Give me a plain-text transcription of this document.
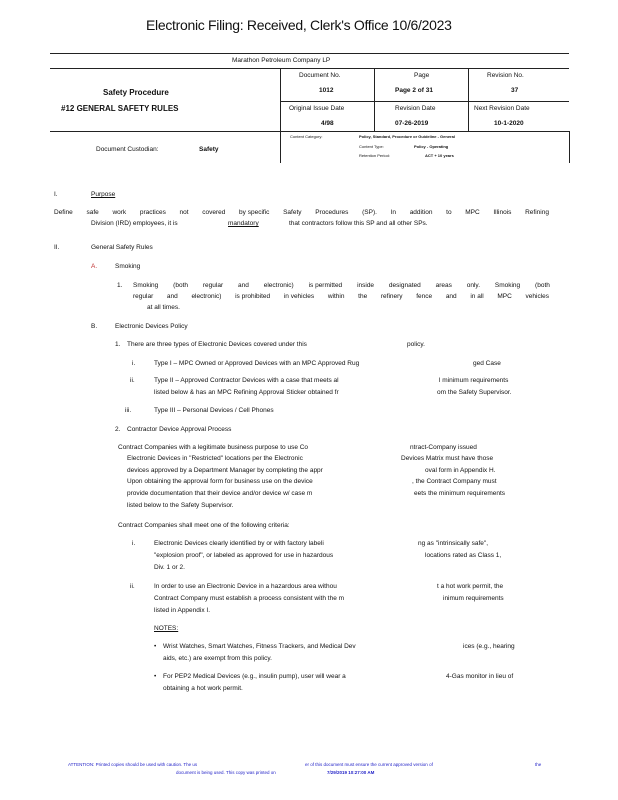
Electronic Filing: Received, Clerk's Office 10/6/2023
Marathon Petroleum Company LP
Safety Procedure
#12 GENERAL SAFETY RULES
Document No.
1012
Page
Page 2 of 31
Revision No.
37
Original Issue Date
4/98
Revision Date
07-26-2019
Next Revision Date
10-1-2020
Document Custodian:	Safety
Content Category:	Policy, Standard, Procedure or Guideline - General
Content Type:	Policy - Operating
Retention Period:	ACT + 10 years
I.	Purpose
Define safe work practices not covered by specific Safety Procedures (SP). In addition to MPC Illinois Refining
Division (IRD) employees, it is	mandatory	that contractors follow this SP and all other SPs.
II.	General Safety Rules
A.	Smoking
1. Smoking (both regular and electronic) is permitted inside designated areas only. Smoking (both
regular and electronic) is prohibited in vehicles within the refinery fence and in all MPC vehicles
at all times.
B.	Electronic Devices Policy
1. There are three types of Electronic Devices covered under this	policy.
i.	Type I – MPC Owned or Approved Devices with an MPC Approved Rug	ged Case
ii.	Type II – Approved Contractor Devices with a case that meets al	l minimum requirements
listed below & has an MPC Refining Approval Sticker obtained fr	om the Safety Supervisor.
iii.	Type III – Personal Devices / Cell Phones
2. Contractor Device Approval Process
Contract Companies with a legitimate business purpose to use Co
Electronic Devices in "Restricted" locations per the Electronic
devices approved by a Department Manager by completing the appr
Upon obtaining the approval form for business use on the device
provide documentation that their device and/or device w/ case m
listed below to the Safety Supervisor.
ntract-Company issued
Devices Matrix must have those
oval form in Appendix H.
, the Contract Company must
eets the minimum requirements
Contract Companies shall meet one of the following criteria:
i.	Electronic Devices clearly identified by or with factory labeli
"explosion proof", or labeled as approved for use in hazardous
Div. 1 or 2.
ng as "intrinsically safe",
locations rated as Class 1,
ii.	In order to use an Electronic Device in a hazardous area withou
Contract Company must establish a process consistent with the m
listed in Appendix I.
t a hot work permit, the
inimum requirements
NOTES:
• Wrist Watches, Smart Watches, Fitness Trackers, and Medical Dev	ices (e.g., hearing
aids, etc.) are exempt from this policy.
• For PEP2 Medical Devices (e.g., insulin pump), user will wear a	4-Gas monitor in lieu of
obtaining a hot work permit.
ATTENTION: Printed copies should be used with caution. The us	er of this document must ensure the current approved version of	the
document is being used. This copy was printed on	7/29/2019 10:27:00 AM
